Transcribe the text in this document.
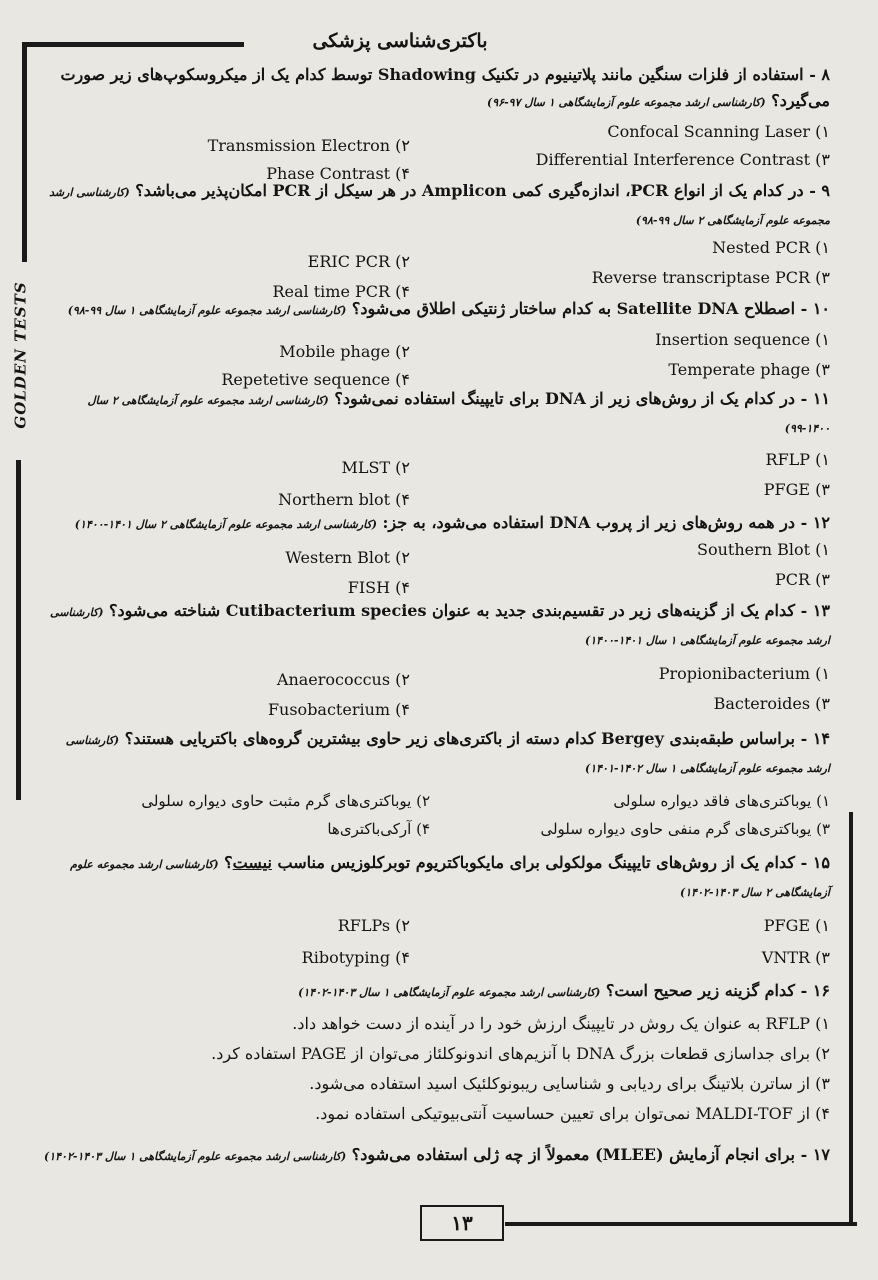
باکتری‌شناسی پزشکی
GOLDEN TESTS
۸ - استفاده از فلزات سنگین مانند پلاتینیوم در تکنیک Shadowing توسط کدام یک از میکروسکوپ‌های زیر صورت می‌گیرد؟ (کارشناسی ارشد مجموعه علوم آزمایشگاهی ۱ سال ۹۷-۹۶)
Confocal Scanning Laser (۱
Transmission Electron (۲
Differential Interference Contrast (۳
Phase Contrast (۴
۹ - در کدام یک از انواع PCR، اندازه‌گیری کمی Amplicon در هر سیکل از PCR امکان‌پذیر می‌باشد؟ (کارشناسی ارشد مجموعه علوم آزمایشگاهی ۲ سال ۹۹-۹۸)
Nested PCR (۱
ERIC PCR (۲
Reverse transcriptase PCR (۳
Real time PCR (۴
۱۰ - اصطلاح Satellite DNA به کدام ساختار ژنتیکی اطلاق می‌شود؟ (کارشناسی ارشد مجموعه علوم آزمایشگاهی ۱ سال ۹۹-۹۸)
Insertion sequence (۱
Mobile phage (۲
Temperate phage (۳
Repetetive sequence (۴
۱۱ - در کدام یک از روش‌های زیر از DNA برای تایپینگ استفاده نمی‌شود؟ (کارشناسی ارشد مجموعه علوم آزمایشگاهی ۲ سال ۱۴۰۰-۹۹)
RFLP (۱
MLST (۲
PFGE (۳
Northern blot (۴
۱۲ - در همه روش‌های زیر از پروب DNA استفاده می‌شود، به جز: (کارشناسی ارشد مجموعه علوم آزمایشگاهی ۲ سال ۱۴۰۱-۱۴۰۰)
Southern Blot (۱
Western Blot (۲
PCR (۳
FISH (۴
۱۳ - کدام یک از گزینه‌های زیر در تقسیم‌بندی جدید به عنوان Cutibacterium species شناخته می‌شود؟ (کارشناسی ارشد مجموعه علوم آزمایشگاهی ۱ سال ۱۴۰۱-۱۴۰۰)
Propionibacterium (۱
Anaerococcus (۲
Bacteroides (۳
Fusobacterium (۴
۱۴ - براساس طبقه‌بندی Bergey کدام دسته از باکتری‌های زیر حاوی بیشترین گروه‌های باکتریایی هستند؟ (کارشناسی ارشد مجموعه علوم آزمایشگاهی ۱ سال ۱۴۰۲-۱۴۰۱)
۱) یوباکتری‌های فاقد دیواره سلولی
۲) یوباکتری‌های گرم مثبت حاوی دیواره سلولی
۳) یوباکتری‌های گرم منفی حاوی دیواره سلولی
۴) آرکی‌باکتری‌ها
۱۵ - کدام یک از روش‌های تایپینگ مولکولی برای مایکوباکتریوم توبرکلوزیس مناسب نیست؟ (کارشناسی ارشد مجموعه علوم آزمایشگاهی ۲ سال ۱۴۰۳-۱۴۰۲)
PFGE (۱
RFLPs (۲
VNTR (۳
Ribotyping (۴
۱۶ - کدام گزینه زیر صحیح است؟ (کارشناسی ارشد مجموعه علوم آزمایشگاهی ۱ سال ۱۴۰۳-۱۴۰۲)
۱) RFLP به عنوان یک روش در تایپینگ ارزش خود را در آینده از دست خواهد داد.
۲) برای جداسازی قطعات بزرگ DNA با آنزیم‌های اندونوکلئاز می‌توان از PAGE استفاده کرد.
۳) از ساترن بلاتینگ برای ردیابی و شناسایی ریبونوکلئیک اسید استفاده می‌شود.
۴) از MALDI-TOF نمی‌توان برای تعیین حساسیت آنتی‌بیوتیکی استفاده نمود.
۱۷ - برای انجام آزمایش (MLEE) معمولاً از چه ژلی استفاده می‌شود؟ (کارشناسی ارشد مجموعه علوم آزمایشگاهی ۱ سال ۱۴۰۳-۱۴۰۲)
۱۳
